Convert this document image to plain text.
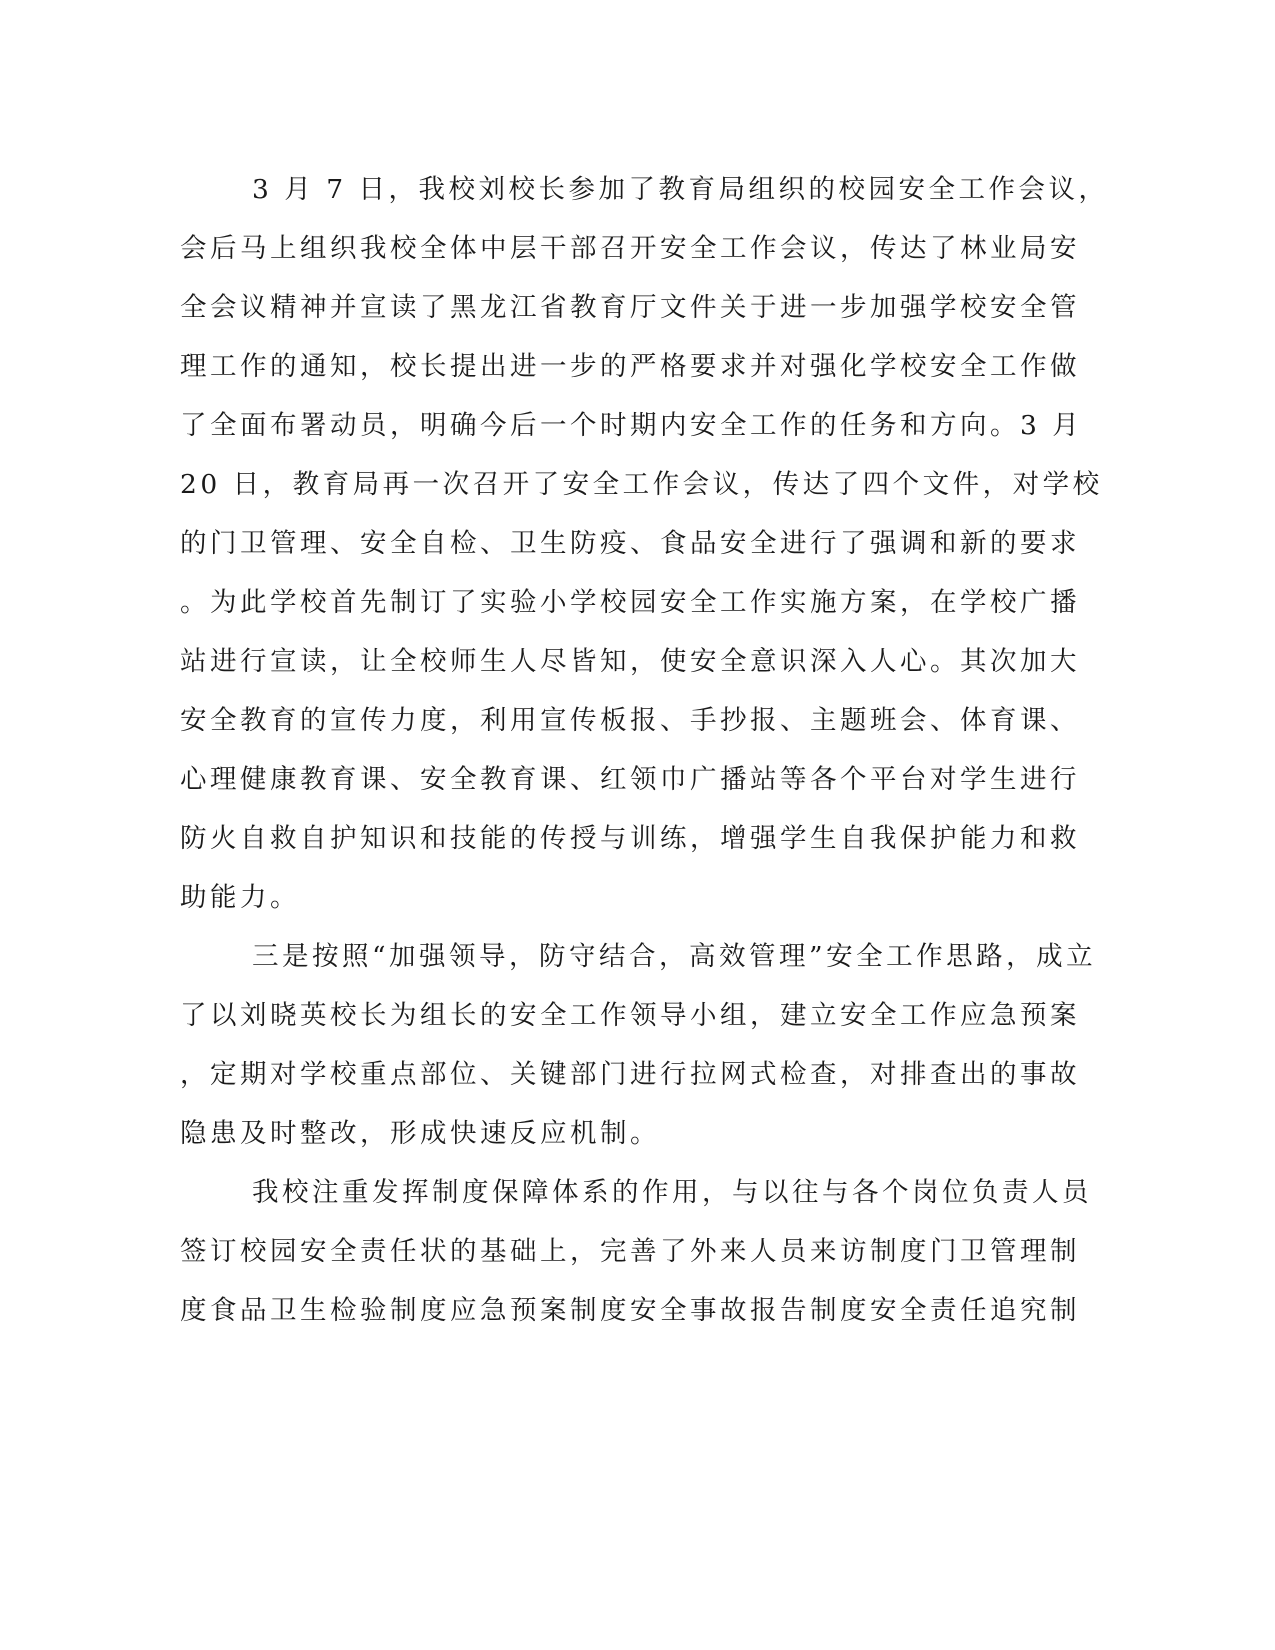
3 月 7 日，我校刘校长参加了教育局组织的校园安全工作会议，
会后马上组织我校全体中层干部召开安全工作会议，传达了林业局安
全会议精神并宣读了黑龙江省教育厅文件关于进一步加强学校安全管
理工作的通知，校长提出进一步的严格要求并对强化学校安全工作做
了全面布署动员，明确今后一个时期内安全工作的任务和方向。3 月
20 日，教育局再一次召开了安全工作会议，传达了四个文件，对学校
的门卫管理、安全自检、卫生防疫、食品安全进行了强调和新的要求
。为此学校首先制订了实验小学校园安全工作实施方案，在学校广播
站进行宣读，让全校师生人尽皆知，使安全意识深入人心。其次加大
安全教育的宣传力度，利用宣传板报、手抄报、主题班会、体育课、
心理健康教育课、安全教育课、红领巾广播站等各个平台对学生进行
防火自救自护知识和技能的传授与训练，增强学生自我保护能力和救
助能力。
三是按照“加强领导，防守结合，高效管理”安全工作思路，成立
了以刘晓英校长为组长的安全工作领导小组，建立安全工作应急预案
，定期对学校重点部位、关键部门进行拉网式检查，对排查出的事故
隐患及时整改，形成快速反应机制。
我校注重发挥制度保障体系的作用，与以往与各个岗位负责人员
签订校园安全责任状的基础上，完善了外来人员来访制度门卫管理制
度食品卫生检验制度应急预案制度安全事故报告制度安全责任追究制
